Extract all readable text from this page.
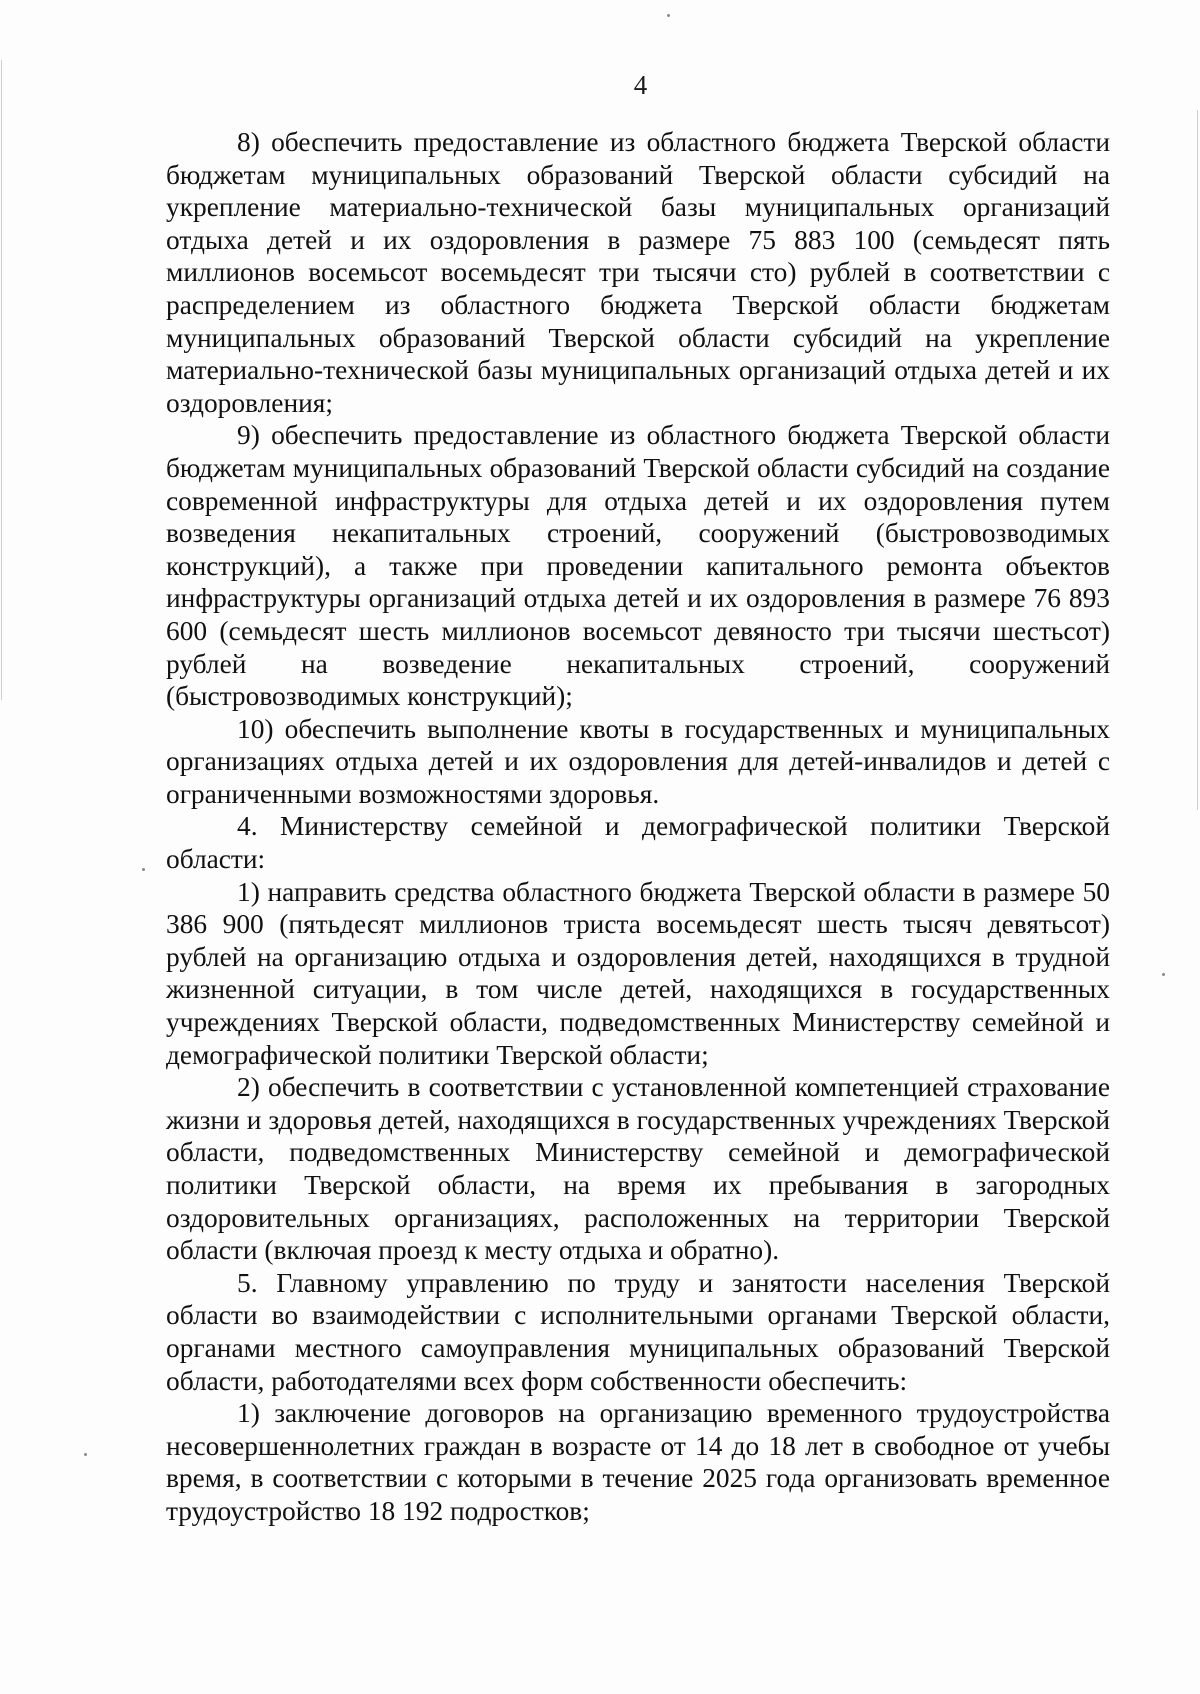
4

8) обеспечить предоставление из областного бюджета Тверской области бюджетам муниципальных образований Тверской области субсидий на укрепление материально-технической базы муниципальных организаций отдыха детей и их оздоровления в размере 75 883 100 (семьдесят пять миллионов восемьсот восемьдесят три тысячи сто) рублей в соответствии с распределением из областного бюджета Тверской области бюджетам муниципальных образований Тверской области субсидий на укрепление материально-технической базы муниципальных организаций отдыха детей и их оздоровления;

9) обеспечить предоставление из областного бюджета Тверской области бюджетам муниципальных образований Тверской области субсидий на создание современной инфраструктуры для отдыха детей и их оздоровления путем возведения некапитальных строений, сооружений (быстровозводимых конструкций), а также при проведении капитального ремонта объектов инфраструктуры организаций отдыха детей и их оздоровления в размере 76 893 600 (семьдесят шесть миллионов восемьсот девяносто три тысячи шестьсот) рублей на возведение некапитальных строений, сооружений (быстровозводимых конструкций);

10) обеспечить выполнение квоты в государственных и муниципальных организациях отдыха детей и их оздоровления для детей-инвалидов и детей с ограниченными возможностями здоровья.

4. Министерству семейной и демографической политики Тверской области:

1) направить средства областного бюджета Тверской области в размере 50 386 900 (пятьдесят миллионов триста восемьдесят шесть тысяч девятьсот) рублей на организацию отдыха и оздоровления детей, находящихся в трудной жизненной ситуации, в том числе детей, находящихся в государственных учреждениях Тверской области, подведомственных Министерству семейной и демографической политики Тверской области;

2) обеспечить в соответствии с установленной компетенцией страхование жизни и здоровья детей, находящихся в государственных учреждениях Тверской области, подведомственных Министерству семейной и демографической политики Тверской области, на время их пребывания в загородных оздоровительных организациях, расположенных на территории Тверской области (включая проезд к месту отдыха и обратно).

5. Главному управлению по труду и занятости населения Тверской области во взаимодействии с исполнительными органами Тверской области, органами местного самоуправления муниципальных образований Тверской области, работодателями всех форм собственности обеспечить:

1) заключение договоров на организацию временного трудоустройства несовершеннолетних граждан в возрасте от 14 до 18 лет в свободное от учебы время, в соответствии с которыми в течение 2025 года организовать временное трудоустройство 18 192 подростков;
